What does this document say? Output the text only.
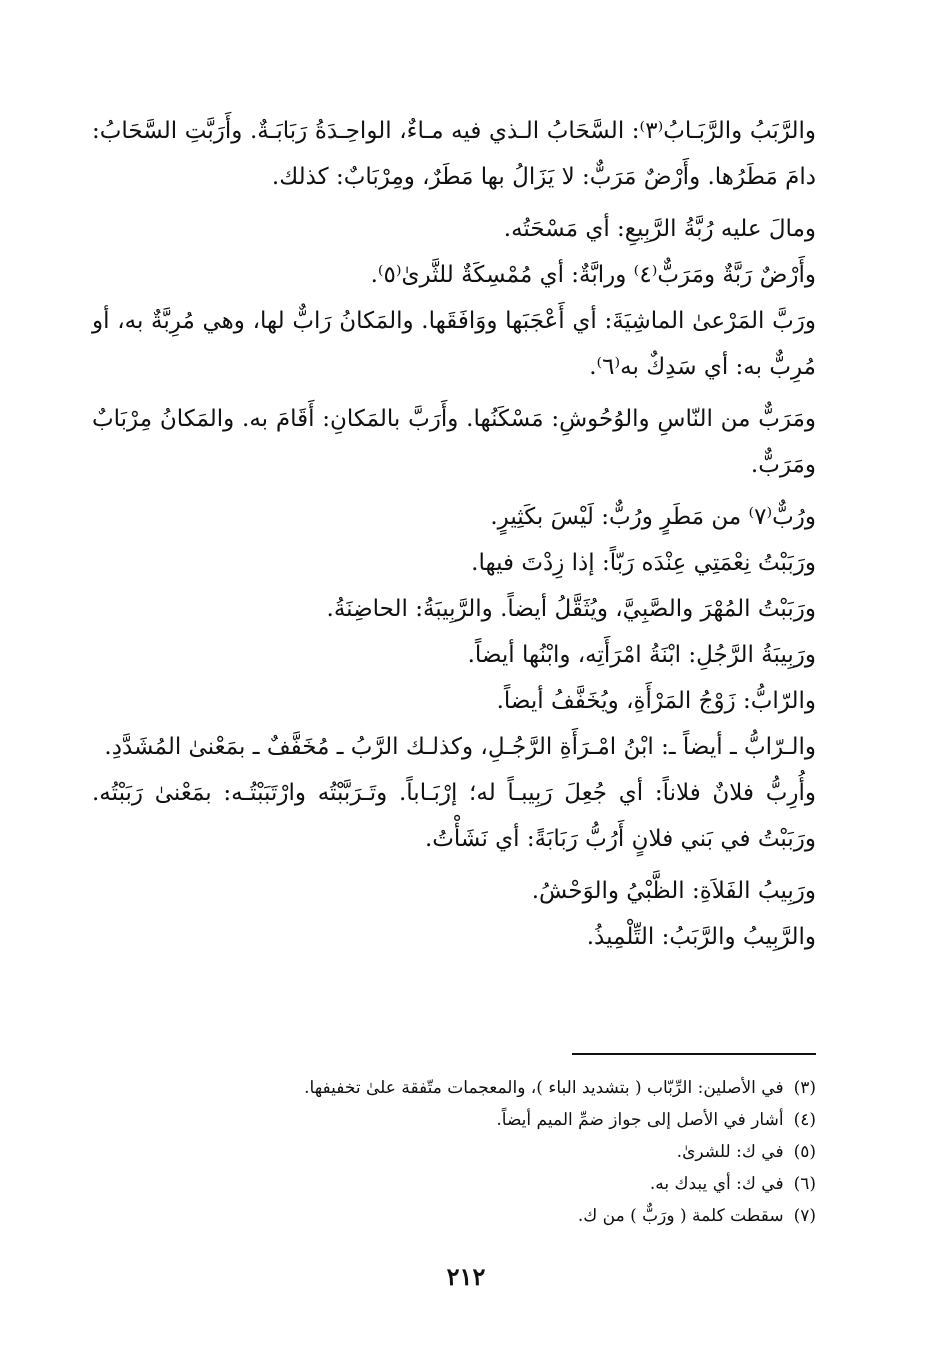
والرَّبَبُ والرَّبَـابُ⁽٣⁾: السَّحَابُ الـذي فيه مـاءٌ، الواحِـدَةُ رَبَابَـةٌ. وأَرَبَّتِ السَّحَابُ: دامَ مَطَرُها. وأَرْضٌ مَرَبٌّ: لا يَزَالُ بها مَطَرٌ، ومِرْبَابٌ: كذلك.

ومالَ عليه رُبَّةُ الرَّبِيعِ: أي مَسْحَتُه.

وأَرْضٌ رَبَّةٌ ومَرَبٌّ⁽٤⁾ ورابَّةٌ: أي مُمْسِكَةٌ للثَّرىٰ⁽٥⁾.

ورَبَّ المَرْعىٰ الماشِيَةَ: أي أَعْجَبَها ووَافَقَها. والمَكانُ رَابٌّ لها، وهي مُرِبَّةٌ به، أو مُرِبٌّ به: أي سَدِكٌ به⁽٦⁾.

ومَرَبٌّ من النّاسِ والوُحُوشِ: مَسْكَنُها. وأَرَبَّ بالمَكانِ: أَقَامَ به. والمَكانُ مِرْبَابٌ ومَرَبٌّ.

ورُبٌّ⁽٧⁾ من مَطَرٍ ورُبٌّ: لَيْسَ بكَثِيرٍ.

ورَبَبْتُ نِعْمَتِي عِنْدَه رَبّاً: إذا زِدْتَ فيها.

ورَبَبْتُ المُهْرَ والصَّبِيَّ، ويُثَقَّلُ أيضاً. والرَّبِيبَةُ: الحاضِنَةُ.

ورَبِيبَةُ الرَّجُلِ: ابْنَةُ امْرَأَتِه، وابْنُها أيضاً.

والرّابُّ: زَوْجُ المَرْأَةِ، ويُخَفَّفُ أيضاً.

والـرّابُّ ـ أيضاً ـ: ابْنُ امْـرَأَةِ الرَّجُـلِ، وكذلـك الرَّبُ ـ مُخَفَّفٌ ـ بمَعْنىٰ المُشَدَّدِ.

وأُرِبُّ فلانٌ فلاناً: أي جُعِلَ رَبِيبـاً له؛ إرْبَـاباً. وتَـرَبَّبْتُه وارْتَبَبْتُـه: بمَعْنىٰ رَبَبْتُه. ورَبَبْتُ في بَني فلانٍ أَرُبُّ رَبَابَةً: أي نَشَأْتُ.

ورَبِيبُ الفَلاَةِ: الظَّبْيُ والوَحْشُ.

والرَّبِيبُ والرَّبَبُ: التِّلْمِيذُ.

(٣)في الأصلين: الرِّبّاب ( بتشديد الباء )، والمعجمات متّفقة علىٰ تخفيفها.

(٤)أشار في الأصل إلى جواز ضمِّ الميم أيضاً.

(٥)في ك: للشرىٰ.

(٦)في ك: أي يبدك به.

(٧)سقطت كلمة ( ورَبٌّ ) من ك.

٢١٢
